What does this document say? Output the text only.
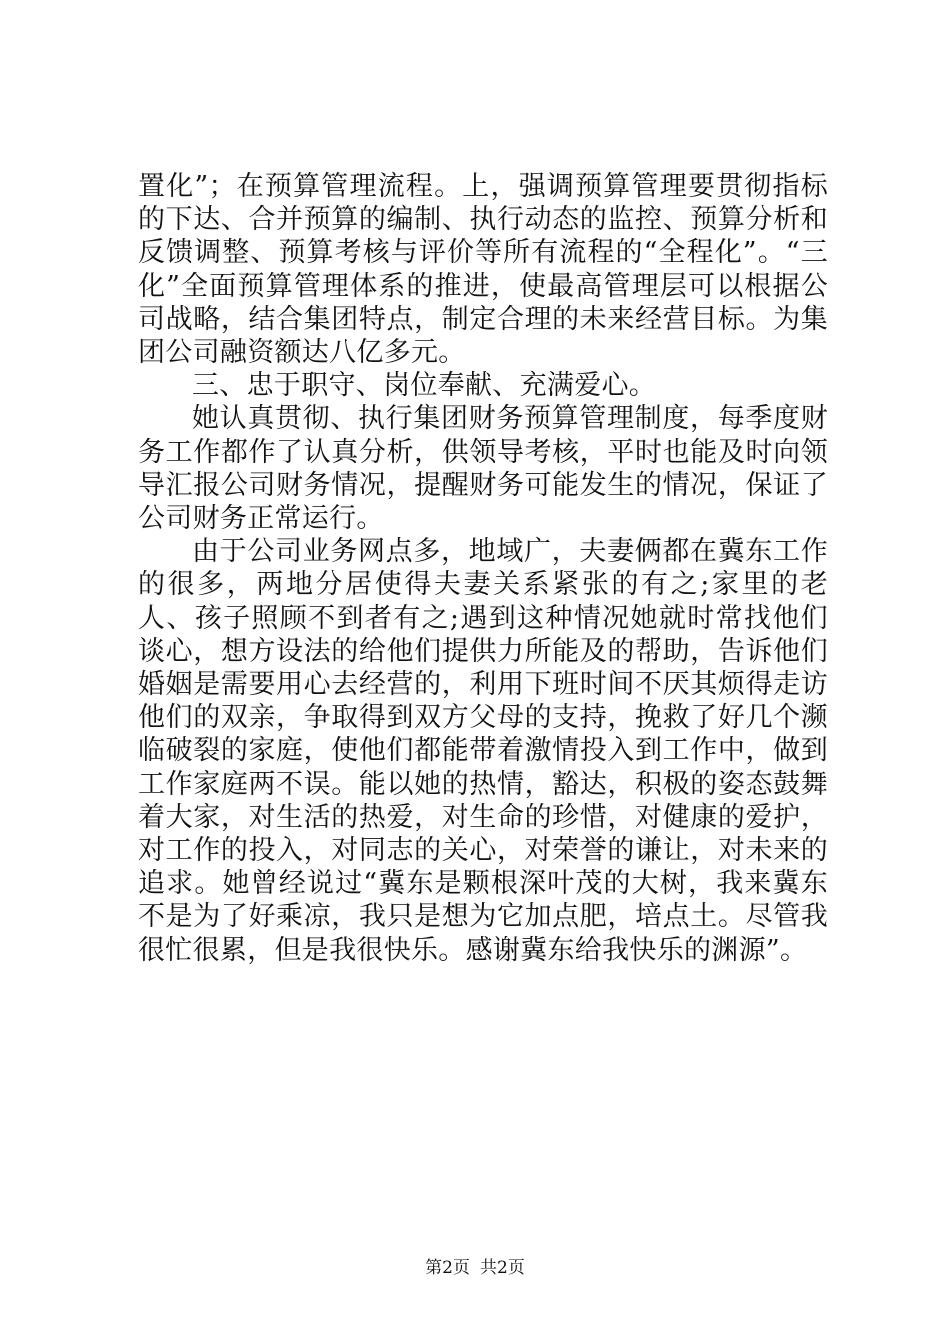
置化”；在预算管理流程。上，强调预算管理要贯彻指标的下达、合并预算的编制、执行动态的监控、预算分析和反馈调整、预算考核与评价等所有流程的“全程化”。“三化”全面预算管理体系的推进，使最高管理层可以根据公司战略，结合集团特点，制定合理的未来经营目标。为集团公司融资额达八亿多元。

三、忠于职守、岗位奉献、充满爱心。

她认真贯彻、执行集团财务预算管理制度，每季度财务工作都作了认真分析，供领导考核，平时也能及时向领导汇报公司财务情况，提醒财务可能发生的情况，保证了公司财务正常运行。

由于公司业务网点多，地域广，夫妻俩都在冀东工作的很多，两地分居使得夫妻关系紧张的有之;家里的老人、孩子照顾不到者有之;遇到这种情况她就时常找他们谈心，想方设法的给他们提供力所能及的帮助，告诉他们婚姻是需要用心去经营的，利用下班时间不厌其烦得走访他们的双亲，争取得到双方父母的支持，挽救了好几个濒临破裂的家庭，使他们都能带着激情投入到工作中，做到工作家庭两不误。能以她的热情，豁达，积极的姿态鼓舞着大家，对生活的热爱，对生命的珍惜，对健康的爱护，对工作的投入，对同志的关心，对荣誉的谦让，对未来的追求。她曾经说过“冀东是颗根深叶茂的大树，我来冀东不是为了好乘凉，我只是想为它加点肥，培点土。尽管我很忙很累，但是我很快乐。感谢冀东给我快乐的渊源”。

第2页 共2页
